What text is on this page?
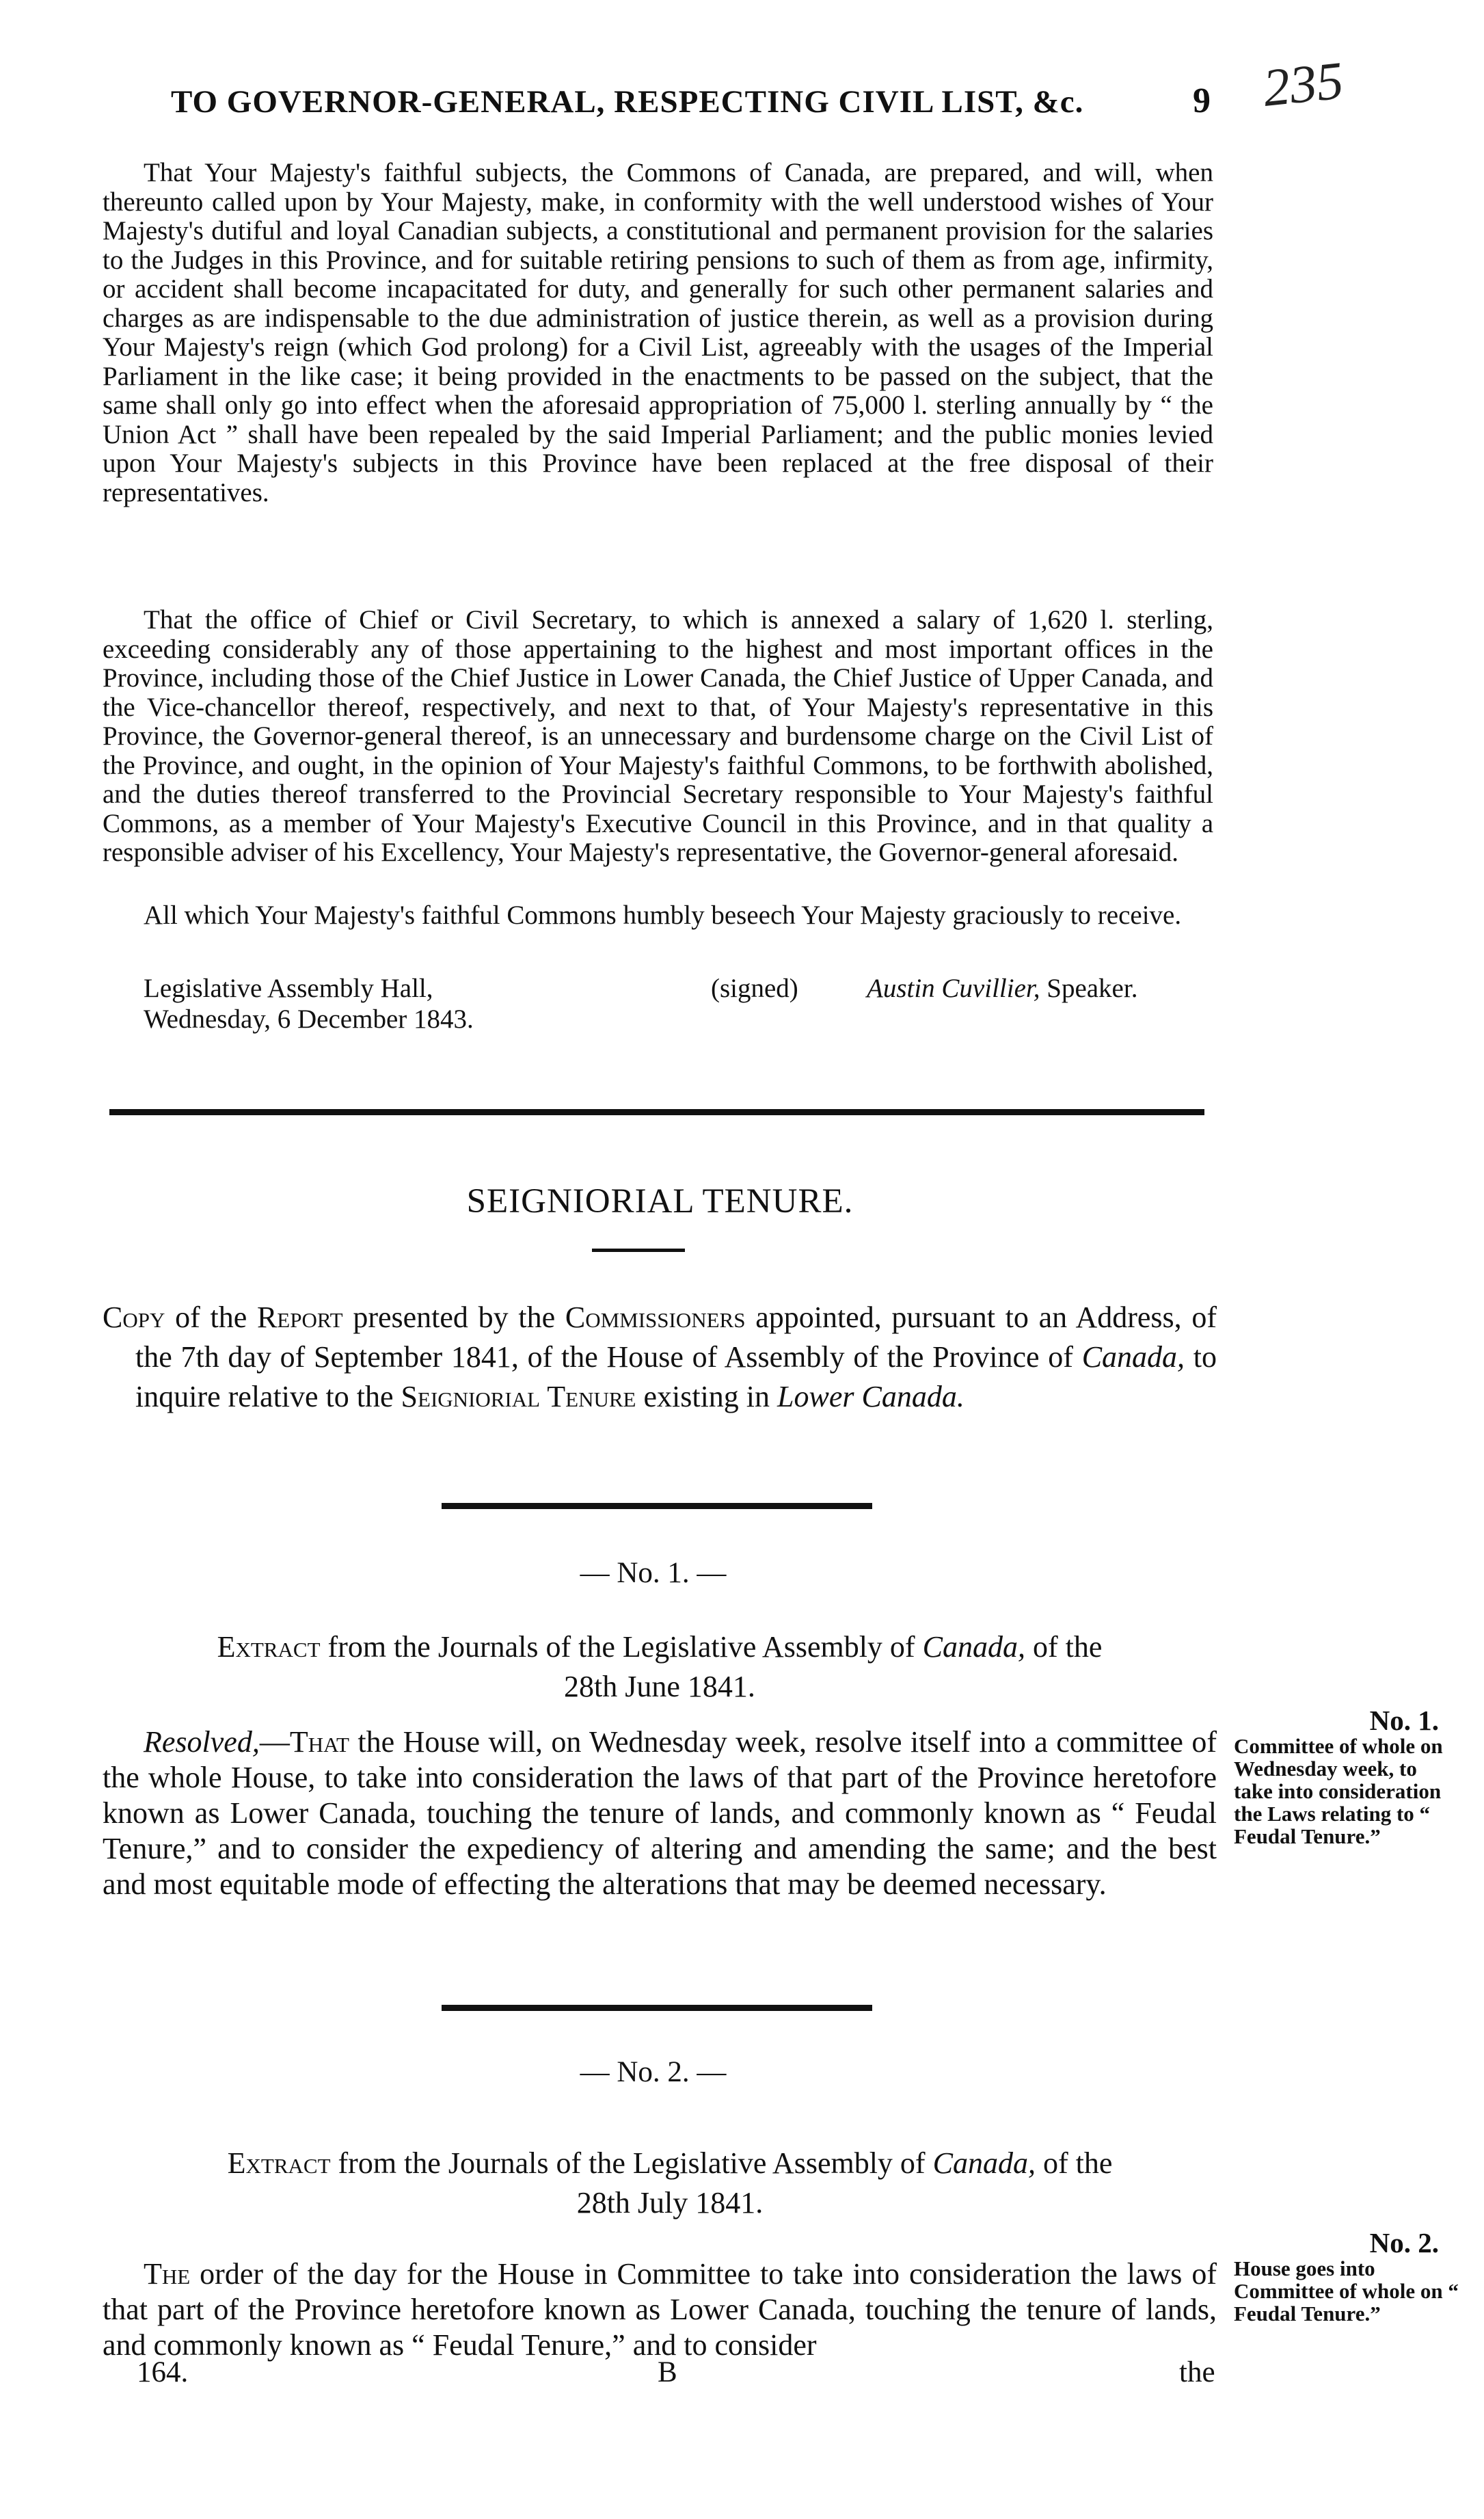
TO GOVERNOR-GENERAL, RESPECTING CIVIL LIST, &c.	9 235

That Your Majesty's faithful subjects, the Commons of Canada, are prepared, and will, when thereunto called upon by Your Majesty, make, in conformity with the well understood wishes of Your Majesty's dutiful and loyal Canadian subjects, a constitutional and permanent provision for the salaries to the Judges in this Province, and for suitable retiring pensions to such of them as from age, infirmity, or accident shall become incapacitated for duty, and generally for such other permanent salaries and charges as are indispensable to the due administration of justice therein, as well as a provision during Your Majesty's reign (which God prolong) for a Civil List, agreeably with the usages of the Imperial Parliament in the like case; it being provided in the enactments to be passed on the subject, that the same shall only go into effect when the aforesaid appropriation of 75,000 l. sterling annually by “ the Union Act ” shall have been repealed by the said Imperial Parliament; and the public monies levied upon Your Majesty's subjects in this Province have been replaced at the free disposal of their representatives.

That the office of Chief or Civil Secretary, to which is annexed a salary of 1,620 l. sterling, exceeding considerably any of those appertaining to the highest and most important offices in the Province, including those of the Chief Justice in Lower Canada, the Chief Justice of Upper Canada, and the Vice-chancellor thereof, respectively, and next to that, of Your Majesty's representative in this Province, the Governor-general thereof, is an unnecessary and burdensome charge on the Civil List of the Province, and ought, in the opinion of Your Majesty's faithful Commons, to be forthwith abolished, and the duties thereof transferred to the Provincial Secretary responsible to Your Majesty's faithful Commons, as a member of Your Majesty's Executive Council in this Province, and in that quality a responsible adviser of his Excellency, Your Majesty's representative, the Governor-general aforesaid.

All which Your Majesty's faithful Commons humbly beseech Your Majesty graciously to receive.

Legislative Assembly Hall,
Wednesday, 6 December 1843.
(signed)	Austin Cuvillier, Speaker.
SEIGNIORIAL TENURE.
Copy of the Report presented by the Commissioners appointed, pursuant to an Address, of the 7th day of September 1841, of the House of Assembly of the Province of Canada, to inquire relative to the Seigniorial Tenure existing in Lower Canada.
— No. 1. —
Extract from the Journals of the Legislative Assembly of Canada, of the
28th June 1841.
Resolved,—That the House will, on Wednesday week, resolve itself into a committee of the whole House, to take into consideration the laws of that part of the Province heretofore known as Lower Canada, touching the tenure of lands, and commonly known as “ Feudal Tenure,” and to consider the expediency of altering and amending the same; and the best and most equitable mode of effecting the alterations that may be deemed necessary.
No. 1.
Committee of whole on Wednesday week, to take into consideration the Laws relating to “ Feudal Tenure.”
— No. 2. —
Extract from the Journals of the Legislative Assembly of Canada, of the
28th July 1841.
The order of the day for the House in Committee to take into consideration the laws of that part of the Province heretofore known as Lower Canada, touching the tenure of lands, and commonly known as “ Feudal Tenure,” and to consider
No. 2.
House goes into Committee of whole on “ Feudal Tenure.”
164.	B	the
